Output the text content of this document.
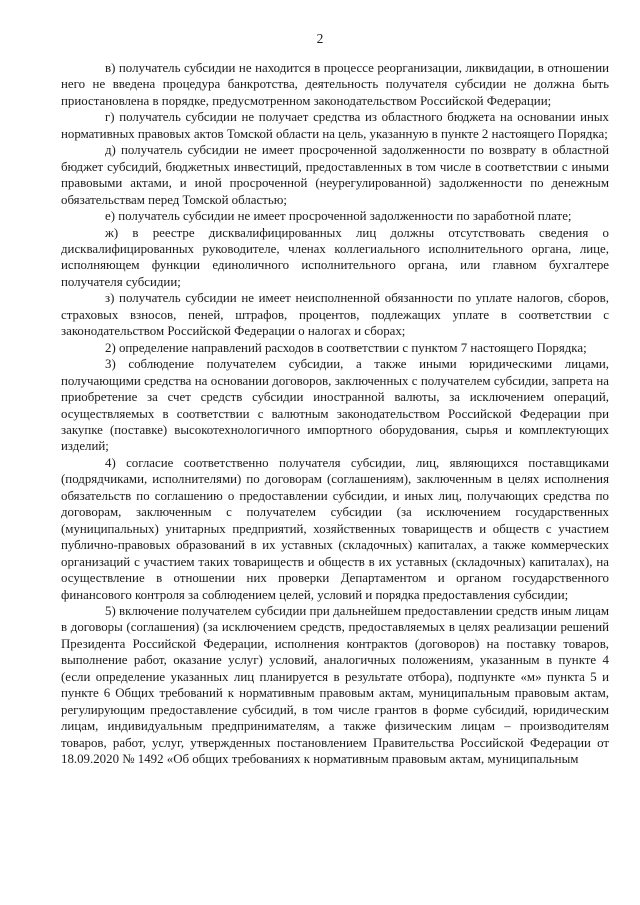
2

в) получатель субсидии не находится в процессе реорганизации, ликвидации, в отношении него не введена процедура банкротства, деятельность получателя субсидии не должна быть приостановлена в порядке, предусмотренном законодательством Российской Федерации;

г) получатель субсидии не получает средства из областного бюджета на основании иных нормативных правовых актов Томской области на цель, указанную в пункте 2 настоящего Порядка;

д) получатель субсидии не имеет просроченной задолженности по возврату в областной бюджет субсидий, бюджетных инвестиций, предоставленных в том числе в соответствии с иными правовыми актами, и иной просроченной (неурегулированной) задолженности по денежным обязательствам перед Томской областью;

е) получатель субсидии не имеет просроченной задолженности по заработной плате;

ж) в реестре дисквалифицированных лиц должны отсутствовать сведения о дисквалифицированных руководителе, членах коллегиального исполнительного органа, лице, исполняющем функции единоличного исполнительного органа, или главном бухгалтере получателя субсидии;

з) получатель субсидии не имеет неисполненной обязанности по уплате налогов, сборов, страховых взносов, пеней, штрафов, процентов, подлежащих уплате в соответствии с законодательством Российской Федерации о налогах и сборах;

2) определение направлений расходов в соответствии с пунктом 7 настоящего Порядка;

3) соблюдение получателем субсидии, а также иными юридическими лицами, получающими средства на основании договоров, заключенных с получателем субсидии, запрета на приобретение за счет средств субсидии иностранной валюты, за исключением операций, осуществляемых в соответствии с валютным законодательством Российской Федерации при закупке (поставке) высокотехнологичного импортного оборудования, сырья и комплектующих изделий;

4) согласие соответственно получателя субсидии, лиц, являющихся поставщиками (подрядчиками, исполнителями) по договорам (соглашениям), заключенным в целях исполнения обязательств по соглашению о предоставлении субсидии, и иных лиц, получающих средства по договорам, заключенным с получателем субсидии (за исключением государственных (муниципальных) унитарных предприятий, хозяйственных товариществ и обществ с участием публично-правовых образований в их уставных (складочных) капиталах, а также коммерческих организаций с участием таких товариществ и обществ в их уставных (складочных) капиталах), на осуществление в отношении них проверки Департаментом и органом государственного финансового контроля за соблюдением целей, условий и порядка предоставления субсидии;

5) включение получателем субсидии при дальнейшем предоставлении средств иным лицам в договоры (соглашения) (за исключением средств, предоставляемых в целях реализации решений Президента Российской Федерации, исполнения контрактов (договоров) на поставку товаров, выполнение работ, оказание услуг) условий, аналогичных положениям, указанным в пункте 4 (если определение указанных лиц планируется в результате отбора), подпункте «м» пункта 5 и пункте 6 Общих требований к нормативным правовым актам, муниципальным правовым актам, регулирующим предоставление субсидий, в том числе грантов в форме субсидий, юридическим лицам, индивидуальным предпринимателям, а также физическим лицам – производителям товаров, работ, услуг, утвержденных постановлением Правительства Российской Федерации от 18.09.2020 № 1492 «Об общих требованиях к нормативным правовым актам, муниципальным
